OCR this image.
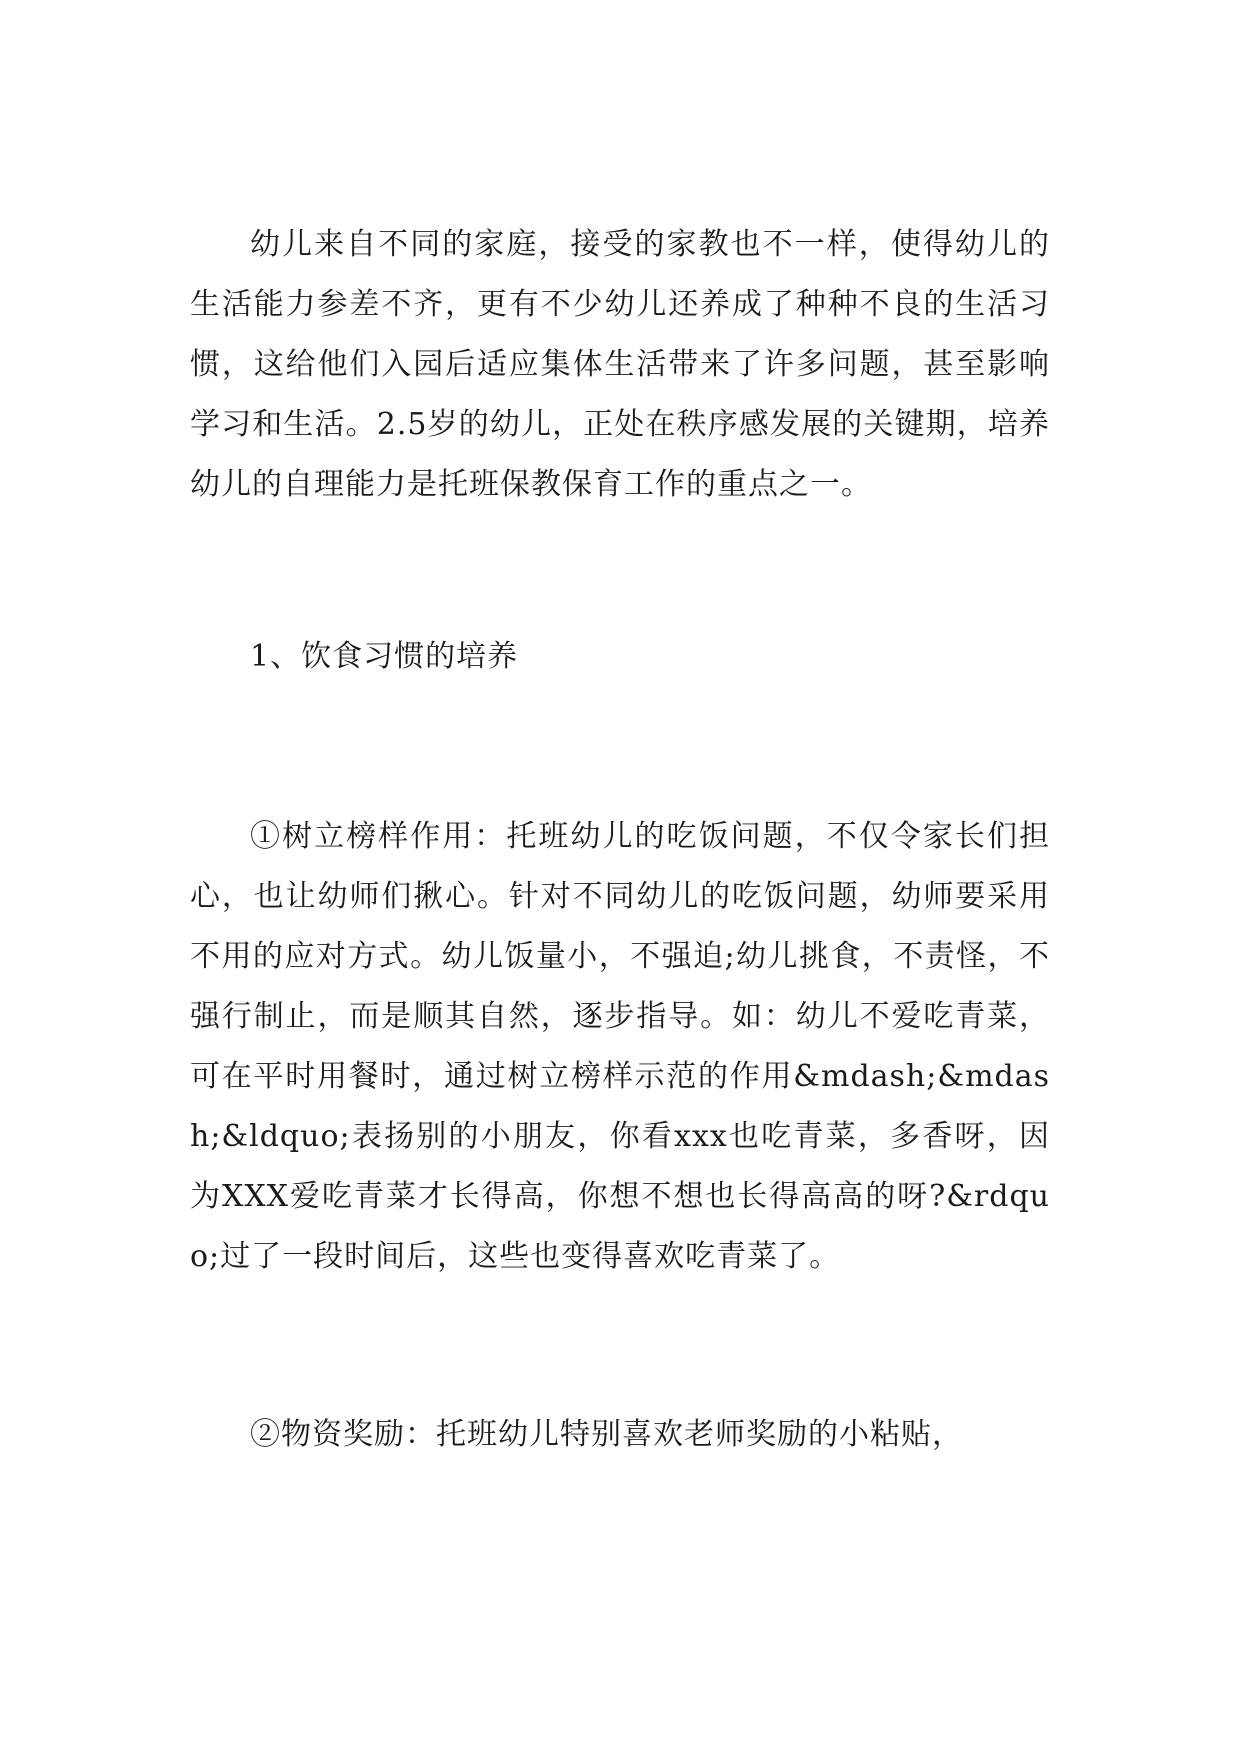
幼儿来自不同的家庭，接受的家教也不一样，使得幼儿的生活能力参差不齐，更有不少幼儿还养成了种种不良的生活习惯，这给他们入园后适应集体生活带来了许多问题，甚至影响学习和生活。2.5岁的幼儿，正处在秩序感发展的关键期，培养幼儿的自理能力是托班保教保育工作的重点之一。

1、饮食习惯的培养

①树立榜样作用：托班幼儿的吃饭问题，不仅令家长们担心，也让幼师们揪心。针对不同幼儿的吃饭问题，幼师要采用不用的应对方式。幼儿饭量小，不强迫;幼儿挑食，不责怪，不强行制止，而是顺其自然，逐步指导。如：幼儿不爱吃青菜，可在平时用餐时，通过树立榜样示范的作用&mdash;&mdash;&ldquo;表扬别的小朋友，你看xxx也吃青菜，多香呀，因为XXX爱吃青菜才长得高，你想不想也长得高高的呀?&rdquo;过了一段时间后，这些也变得喜欢吃青菜了。

②物资奖励：托班幼儿特别喜欢老师奖励的小粘贴，
